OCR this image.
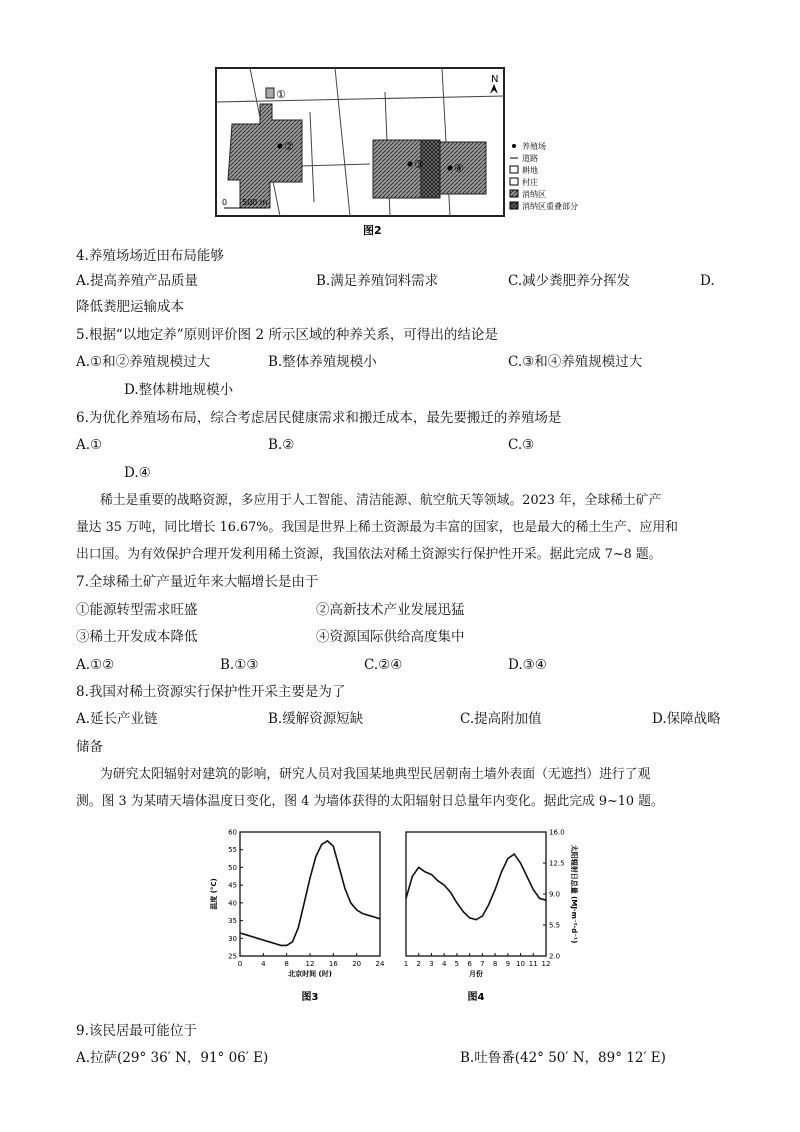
①
②
③	④
N
0 500 m
养殖场
道路
耕地
村庄
消纳区
消纳区重叠部分
图2
4.养殖场场近田布局能够
A.提高养殖产品质量	B.满足养殖饲料需求	C.减少粪肥养分挥发	D.
降低粪肥运输成本
5.根据“以地定养”原则评价图 2 所示区域的种养关系，可得出的结论是
A.①和②养殖规模过大	B.整体养殖规模小	C.③和④养殖规模过大
D.整体耕地规模小
6.为优化养殖场布局，综合考虑居民健康需求和搬迁成本，最先要搬迁的养殖场是
A.①	B.②	C.③
D.④
稀土是重要的战略资源，多应用于人工智能、清洁能源、航空航天等领域。2023 年，全球稀土矿产
量达 35 万吨，同比增长 16.67%。我国是世界上稀土资源最为丰富的国家，也是最大的稀土生产、应用和
出口国。为有效保护合理开发利用稀土资源，我国依法对稀土资源实行保护性开采。据此完成 7~8 题。
7.全球稀土矿产量近年来大幅增长是由于
①能源转型需求旺盛	②高新技术产业发展迅猛
③稀土开发成本降低	④资源国际供给高度集中
A.①②	B.①③	C.②④	D.③④
8.我国对稀土资源实行保护性开采主要是为了
A.延长产业链	B.缓解资源短缺	C.提高附加值	D.保障战略
储备
为研究太阳辐射对建筑的影响，研究人员对我国某地典型民居朝南土墙外表面（无遮挡）进行了观
测。图 3 为某晴天墙体温度日变化，图 4 为墙体获得的太阳辐射日总量年内变化。据此完成 9~10 题。
0	4	8 12 16 20 24
25
30
35
40
45
50
55
60
北京时间 (时)
温度 (°C)
图3
1 2 3 4 5 6 7 8 9 10 11 12
2.0
5.5
9.0
12.5
16.0
月份
太阳辐射日总量 (MJ·m⁻²·d⁻¹)
图4
9.该民居最可能位于
A.拉萨(29° 36′ N，91° 06′ E)	B.吐鲁番(42° 50′ N，89° 12′ E)
